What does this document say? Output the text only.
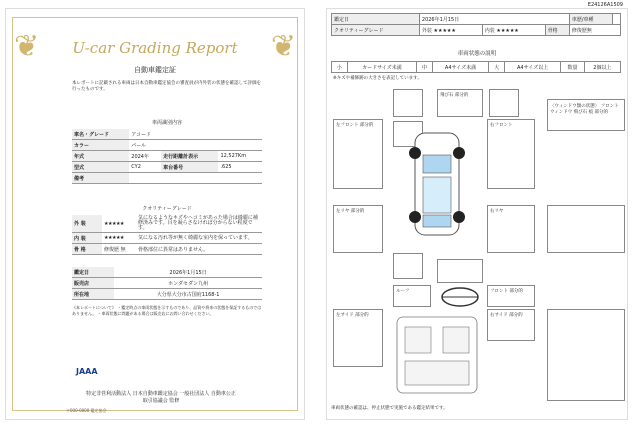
❦	❦
U-car Grading Report
自動車鑑定証
本レポートに記載される車両は日本自動車鑑定協会の審査員が内外装の状態を確認して評価を行ったものです。
車両識別内容
車名・グレード	アコード		
カラー	パール		
年式	2024年	走行距離計表示	12,527Km
型式	CY2	車台番号	.625
備考			
クオリティーグレード
外 装	★★★★★	気になるようなキズやヘコミがあった場合は綺麗に補修済みです。目を凝らさなければ分からない程度です。
内 装	★★★★★	気になる汚れ等が無く綺麗な室内を保っています。
骨 格	修復歴 無	骨格部位に異常はありません。
鑑定日	2026年1月15日
販売店	ホンダセダン九州
所在地	大分県大分市古国府1168-1
《本レポートについて》 ・鑑定時点の車両状態を示すものであり、品質や将来の状態を保証するものではありません。 ・車両状態に問題がある場合は販売店にお問い合わせください。
JAAA
特定非営利活動法人 日本自動車鑑定協会 一般社団法人 自動車公正取引協議会 監修
〒000-0000 鑑定協会
E24126A1509
鑑定日	2026年1月15日			車歴/車種	
クオリティーグレード	外装 ★★★★★	内装 ★★★★★	骨格	修復歴無	
車両状態の説明
小	カードサイズ未満	中	A4サイズ未満	大	A4サイズ以上	数量	2個以上
※キズや補修跡の大きさを表記しています。
飛び石 部分的
〈ウィンドウ類の状態〉 フロントウィンドウ 飛び石 痕 部分的
左フロント 部分的	右フロント
左リヤ 部分的	右リヤ
ルーフ	フロント 部分的
右サイド 部分的
左サイド 部分的
車両状態の確認は、停止状態で実施である鑑定結果です。
